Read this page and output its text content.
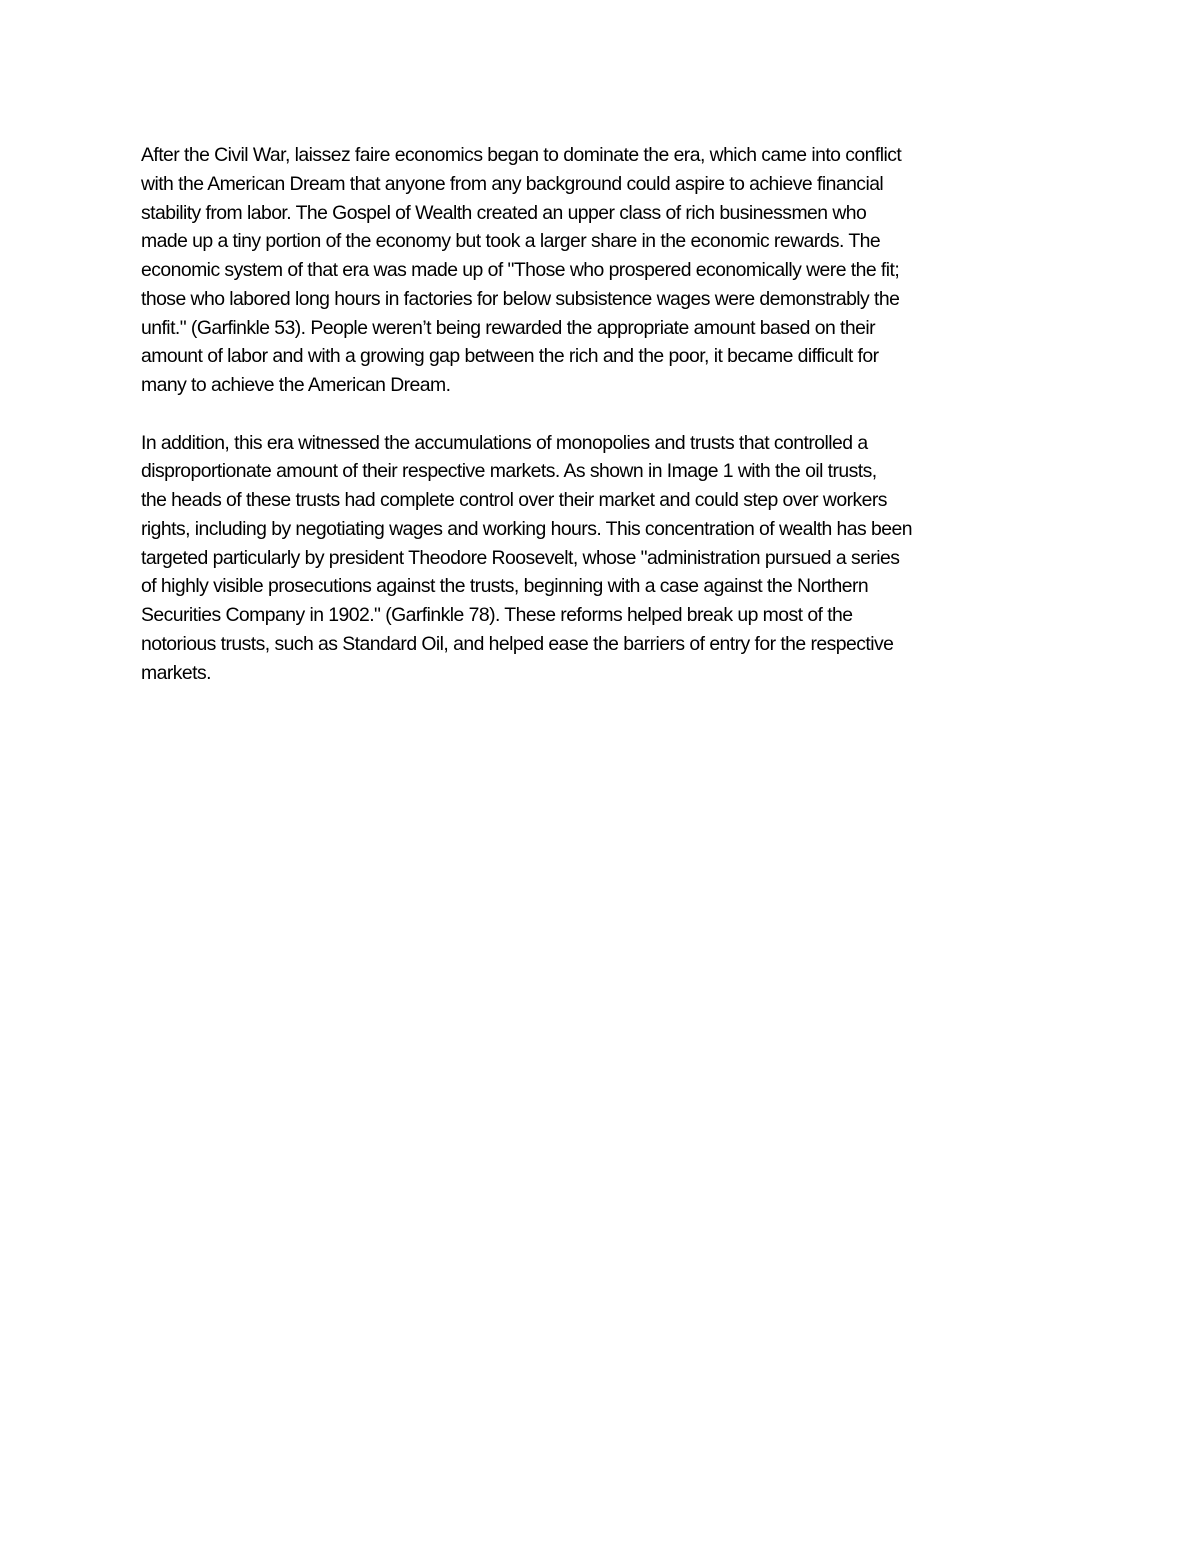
After the Civil War, laissez faire economics began to dominate the era, which came into conflict
with the American Dream that anyone from any background could aspire to achieve financial
stability from labor. The Gospel of Wealth created an upper class of rich businessmen who
made up a tiny portion of the economy but took a larger share in the economic rewards. The
economic system of that era was made up of "Those who prospered economically were the fit;
those who labored long hours in factories for below subsistence wages were demonstrably the
unfit." (Garfinkle 53). People weren’t being rewarded the appropriate amount based on their
amount of labor and with a growing gap between the rich and the poor, it became difficult for
many to achieve the American Dream.
In addition, this era witnessed the accumulations of monopolies and trusts that controlled a
disproportionate amount of their respective markets. As shown in Image 1 with the oil trusts,
the heads of these trusts had complete control over their market and could step over workers
rights, including by negotiating wages and working hours. This concentration of wealth has been
targeted particularly by president Theodore Roosevelt, whose "administration pursued a series
of highly visible prosecutions against the trusts, beginning with a case against the Northern
Securities Company in 1902." (Garfinkle 78). These reforms helped break up most of the
notorious trusts, such as Standard Oil, and helped ease the barriers of entry for the respective
markets.
